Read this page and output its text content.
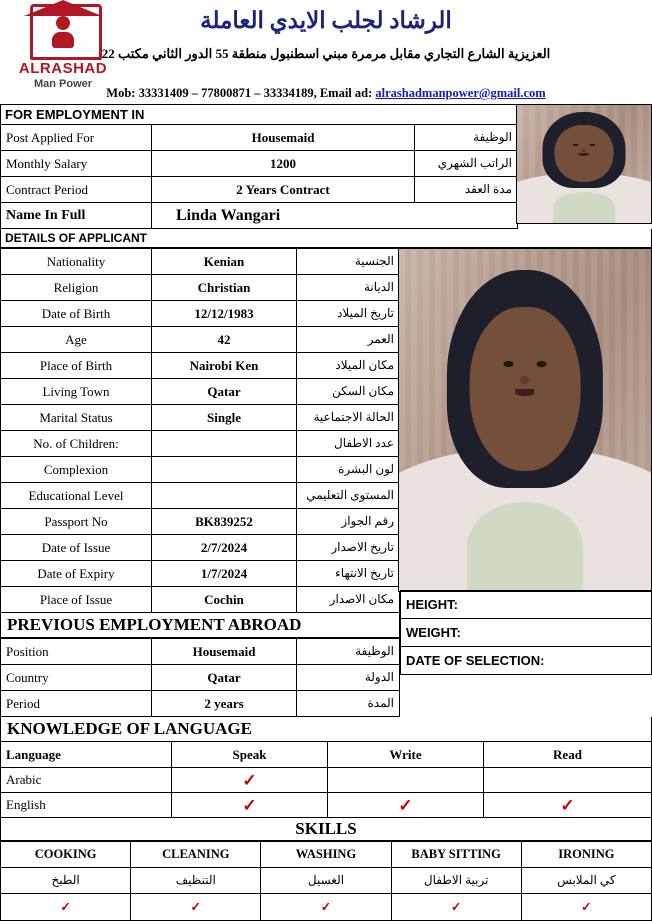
ALRASHAD
Man Power
الرشاد لجلب الايدي العاملة
العزيزية الشارع التجاري مقابل مرمرة مبني اسطنبول منطقة 55 الدور الثاني مكتب 22
Mob: 33331409 – 77800871 – 33334189, Email ad: alrashadmanpower@gmail.com
FOR EMPLOYMENT IN
Post Applied For	Housemaid	الوظيفة
Monthly Salary	1200	الراتب الشهري
Contract Period	2 Years Contract	مدة العقد
Name In Full	Linda Wangari	
DETAILS OF APPLICANT
Nationality	Kenian	الجنسية
Religion	Christian	الديانة
Date of Birth	12/12/1983	تاريخ الميلاد
Age	42	العمر
Place of Birth	Nairobi Ken	مكان الميلاد
Living Town	Qatar	مكان السكن
Marital Status	Single	الحالة الاجتماعية
No. of Children:		عدد الاطفال
Complexion		لون البشرة
Educational Level		المستوى التعليمي
Passport No	BK839252	رقم الجواز
Date of Issue	2/7/2024	تاريخ الاصدار
Date of Expiry	1/7/2024	تاريخ الانتهاء
Place of Issue	Cochin	مكان الاصدار
PREVIOUS EMPLOYMENT ABROAD
Position	Housemaid	الوظيفة
Country	Qatar	الدولة
Period	2 years	المدة
HEIGHT:
WEIGHT:
DATE OF SELECTION:
KNOWLEDGE OF LANGUAGE
Language	Speak	Write	Read
Arabic	✓		
English	✓	✓	✓
SKILLS
COOKING	CLEANING	WASHING	BABY SITTING	IRONING
الطبخ	التنظيف	الغسيل	تربية الاطفال	كي الملابس
✓	✓	✓	✓	✓
